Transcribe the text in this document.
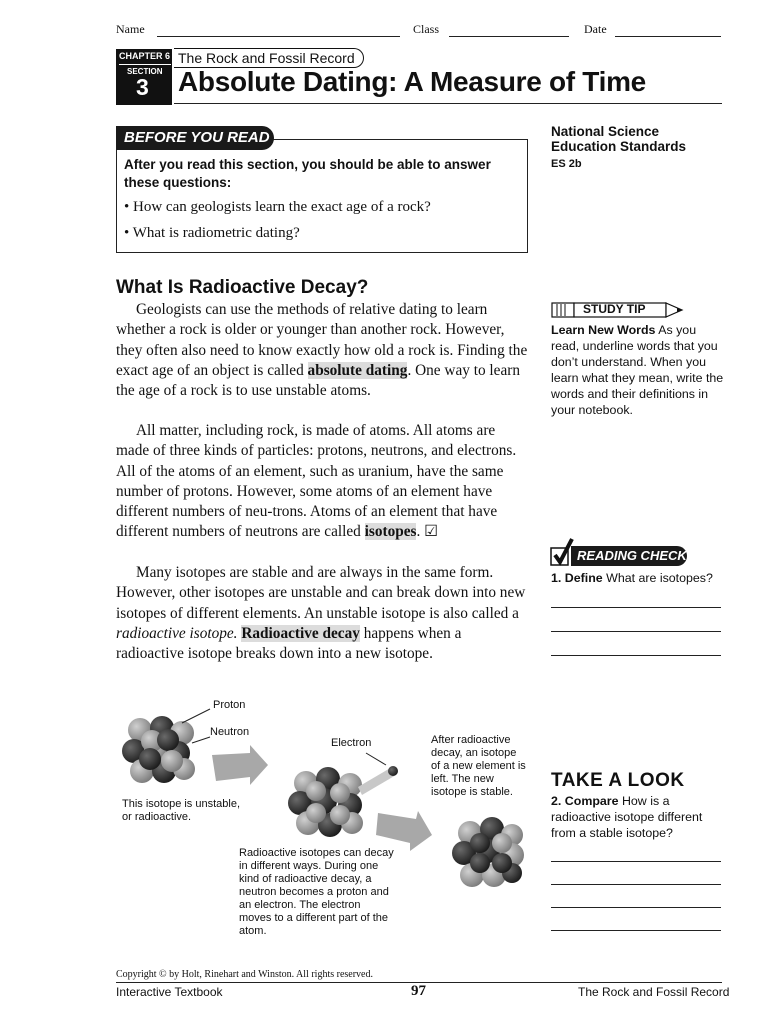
Name	Class	Date
CHAPTER 6
SECTION
3
The Rock and Fossil Record
Absolute Dating: A Measure of Time
BEFORE YOU READ
After you read this section, you should be able to answer these questions:
• How can geologists learn the exact age of a rock?
• What is radiometric dating?
National Science
Education Standards
ES 2b
STUDY TIP
Learn New Words As you read, underline words that you don’t understand. When you learn what they mean, write the words and their definitions in your notebook.
READING CHECK
1. Define What are isotopes?
TAKE A LOOK
2. Compare How is a radioactive isotope different from a stable isotope?
What Is Radioactive Decay?

Geologists can use the methods of relative dating to learn whether a rock is older or younger than another rock. However, they often also need to know exactly how old a rock is. Finding the exact age of an object is called absolute dating. One way to learn the age of a rock is to use unstable atoms.

All matter, including rock, is made of atoms. All atoms are made of three kinds of particles: protons, neutrons, and electrons. All of the atoms of an element, such as uranium, have the same number of protons. However, some atoms of an element have different numbers of neu-trons. Atoms of an element that have different numbers of neutrons are called isotopes. ☑

Many isotopes are stable and are always in the same form. However, other isotopes are unstable and can break down into new isotopes of different elements. An unstable isotope is also called a radioactive isotope. Radioactive decay happens when a radioactive isotope breaks down into a new isotope.

Proton
Neutron
Electron
This isotope is unstable, or radioactive.
Radioactive isotopes can decay in different ways. During one kind of radioactive decay, a neutron becomes a proton and an electron. The electron moves to a different part of the atom.
After radioactive decay, an isotope of a new element is left. The new isotope is stable.
Copyright © by Holt, Rinehart and Winston. All rights reserved.
Interactive Textbook	97	The Rock and Fossil Record
